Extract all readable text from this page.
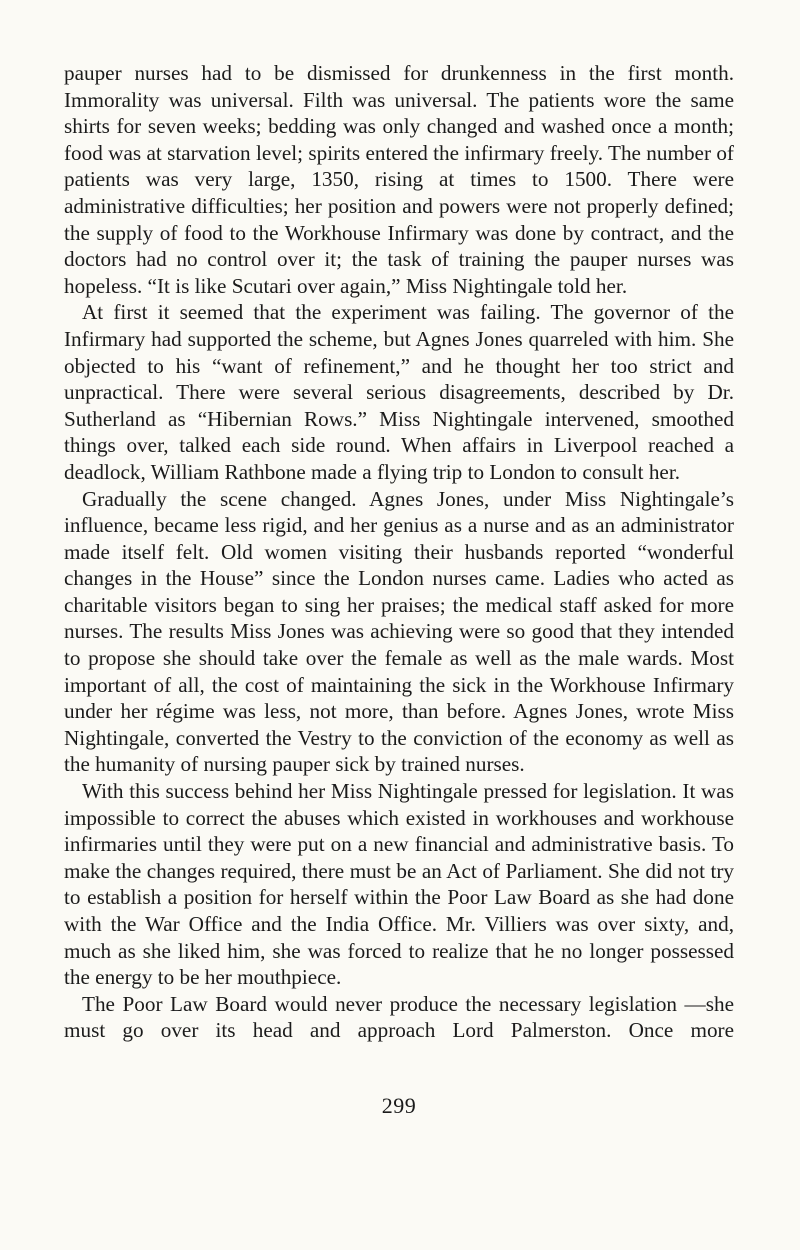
pauper nurses had to be dismissed for drunkenness in the first month. Immorality was universal. Filth was universal. The patients wore the same shirts for seven weeks; bedding was only changed and washed once a month; food was at starvation level; spirits entered the infirmary freely. The number of patients was very large, 1350, rising at times to 1500. There were administrative difficulties; her position and powers were not properly defined; the supply of food to the Workhouse Infirmary was done by contract, and the doctors had no control over it; the task of training the pauper nurses was hopeless. “It is like Scutari over again,” Miss Nightingale told her.

At first it seemed that the experiment was failing. The governor of the Infirmary had supported the scheme, but Agnes Jones quarreled with him. She objected to his “want of refinement,” and he thought her too strict and unpractical. There were several serious disagreements, described by Dr. Sutherland as “Hibernian Rows.” Miss Nightingale intervened, smoothed things over, talked each side round. When affairs in Liverpool reached a deadlock, William Rathbone made a flying trip to London to consult her.

Gradually the scene changed. Agnes Jones, under Miss Nightingale’s influence, became less rigid, and her genius as a nurse and as an administrator made itself felt. Old women visiting their husbands reported “wonderful changes in the House” since the London nurses came. Ladies who acted as charitable visitors began to sing her praises; the medical staff asked for more nurses. The results Miss Jones was achieving were so good that they intended to propose she should take over the female as well as the male wards. Most important of all, the cost of maintaining the sick in the Workhouse Infirmary under her régime was less, not more, than before. Agnes Jones, wrote Miss Nightingale, converted the Vestry to the conviction of the economy as well as the humanity of nursing pauper sick by trained nurses.

With this success behind her Miss Nightingale pressed for legislation. It was impossible to correct the abuses which existed in workhouses and workhouse infirmaries until they were put on a new financial and administrative basis. To make the changes required, there must be an Act of Parliament. She did not try to establish a position for herself within the Poor Law Board as she had done with the War Office and the India Office. Mr. Villiers was over sixty, and, much as she liked him, she was forced to realize that he no longer possessed the energy to be her mouthpiece.

The Poor Law Board would never produce the necessary legislation —she must go over its head and approach Lord Palmerston. Once more

299
